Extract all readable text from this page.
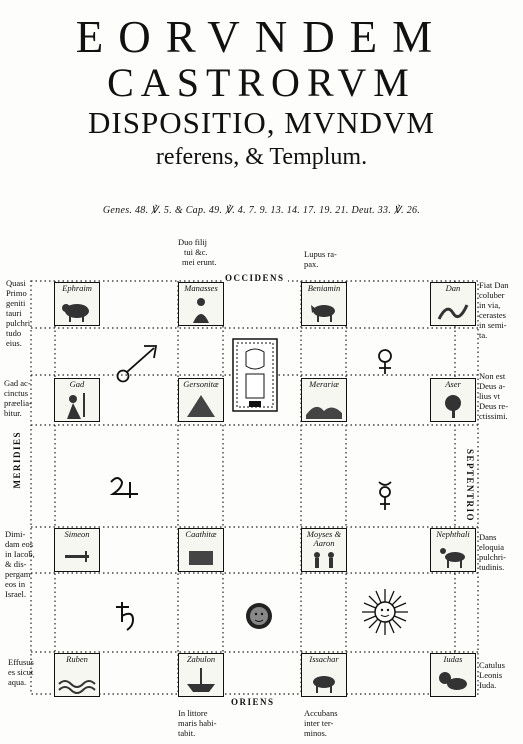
EORVNDEM
CASTRORVM
DISPOSITIO, MVNDVM
referens, & Templum.
Genes. 48. ℣. 5. & Cap. 49. ℣. 4. 7. 9. 13. 14. 17. 19. 21. Deut. 33. ℣. 26.
OCCIDENS
ORIENS
MERIDIES	SEPTENTRIO
Ephraim	Manasses	Beniamin	Dan
Gad	Gersonitæ	Merariæ	Aser
Simeon	Caathitæ	Moyses &
Aaron
Nephthali
Ruben	Zabulon	Issachar	Iudas
Duo filij
tui &c.
mei erunt.
Lupus ra-
pax.
Quasi
Primo
geniti
tauri
pulchri
tudo
eius.
Gad ac-
cinctus
præelia-
bitur.
Dimi-
dam eos
in Iacob,
& dis-
pergam
eos in
Israel.
Effusus
es sicut
aqua.
Fiat Dan
coluber
in via,
cerastes
in semi-
ta.
Non est
Deus a-
lius vt
Deus re-
ctissimi.
Dans
eloquia
pulchri-
tudinis.
Catulus
Leonis
Iuda.
In littore
maris habi-
tabit.
Accubans
inter ter-
minos.
